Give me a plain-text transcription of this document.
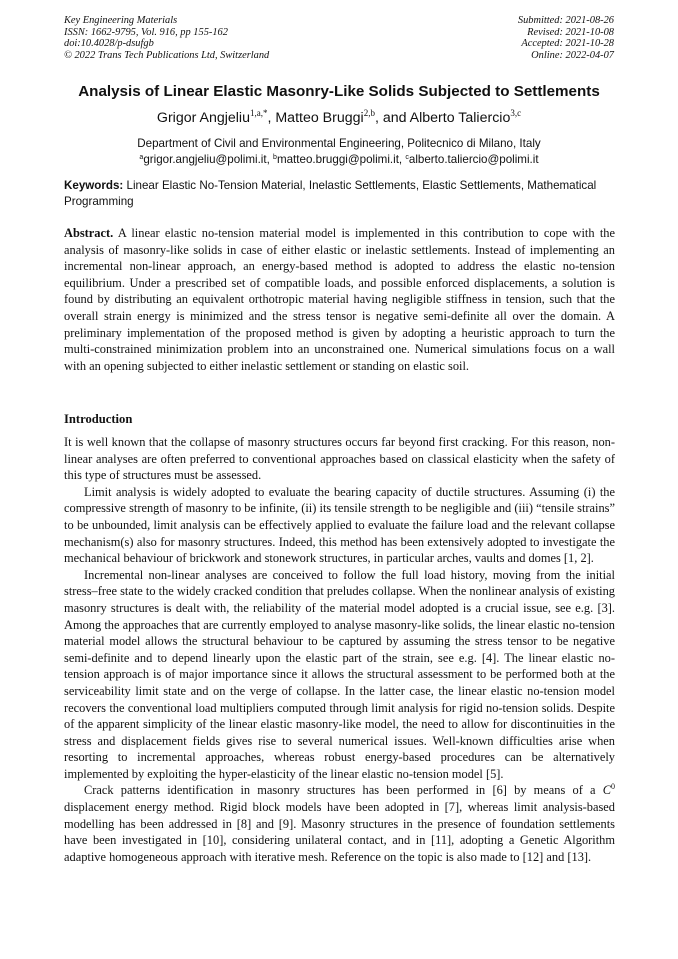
Key Engineering Materials
ISSN: 1662-9795, Vol. 916, pp 155-162
doi:10.4028/p-dsufgb
© 2022 Trans Tech Publications Ltd, Switzerland
Submitted: 2021-08-26
Revised: 2021-10-08
Accepted: 2021-10-28
Online: 2022-04-07
Analysis of Linear Elastic Masonry-Like Solids Subjected to Settlements
Grigor Angjeliu$^{1,a,*}$, Matteo Bruggi$^{2,b}$, and Alberto Taliercio$^{3,c}$
Department of Civil and Environmental Engineering, Politecnico di Milano, Italy
$^a$grigor.angjeliu@polimi.it, $^b$matteo.bruggi@polimi.it, $^c$alberto.taliercio@polimi.it
Keywords: Linear Elastic No-Tension Material, Inelastic Settlements, Elastic Settlements, Mathematical Programming
Abstract. A linear elastic no-tension material model is implemented in this contribution to cope with the analysis of masonry-like solids in case of either elastic or inelastic settlements. Instead of implementing an incremental non-linear approach, an energy-based method is adopted to address the elastic no-tension equilibrium. Under a prescribed set of compatible loads, and possible enforced displacements, a solution is found by distributing an equivalent orthotropic material having negligible stiffness in tension, such that the overall strain energy is minimized and the stress tensor is negative semi-definite all over the domain. A preliminary implementation of the proposed method is given by adopting a heuristic approach to turn the multi-constrained minimization problem into an unconstrained one. Numerical simulations focus on a wall with an opening subjected to either inelastic settlement or standing on elastic soil.
Introduction

It is well known that the collapse of masonry structures occurs far beyond first cracking. For this reason, non-linear analyses are often preferred to conventional approaches based on classical elasticity when the safety of this type of structures must be assessed.

Limit analysis is widely adopted to evaluate the bearing capacity of ductile structures. Assuming (i) the compressive strength of masonry to be infinite, (ii) its tensile strength to be negligible and (iii) “tensile strains” to be unbounded, limit analysis can be effectively applied to evaluate the failure load and the relevant collapse mechanism(s) also for masonry structures. Indeed, this method has been extensively adopted to investigate the mechanical behaviour of brickwork and stonework structures, in particular arches, vaults and domes [1, 2].

Incremental non-linear analyses are conceived to follow the full load history, moving from the initial stress–free state to the widely cracked condition that preludes collapse. When the nonlinear analysis of existing masonry structures is dealt with, the reliability of the material model adopted is a crucial issue, see e.g. [3]. Among the approaches that are currently employed to analyse masonry-like solids, the linear elastic no-tension material model allows the structural behaviour to be captured by assuming the stress tensor to be negative semi-definite and to depend linearly upon the elastic part of the strain, see e.g. [4]. The linear elastic no-tension approach is of major importance since it allows the structural assessment to be performed both at the serviceability limit state and on the verge of collapse. In the latter case, the linear elastic no-tension model recovers the conventional load multipliers computed through limit analysis for rigid no-tension solids. Despite of the apparent simplicity of the linear elastic masonry-like model, the need to allow for discontinuities in the stress and displacement fields gives rise to several numerical issues. Well-known difficulties arise when resorting to incremental approaches, whereas robust energy-based procedures can be alternatively implemented by exploiting the hyper-elasticity of the linear elastic no-tension model [5].

Crack patterns identification in masonry structures has been performed in [6] by means of a $C^0$ displacement energy method. Rigid block models have been adopted in [7], whereas limit analysis-based modelling has been addressed in [8] and [9]. Masonry structures in the presence of foundation settlements have been investigated in [10], considering unilateral contact, and in [11], adopting a Genetic Algorithm adaptive homogeneous approach with iterative mesh. Reference on the topic is also made to [12] and [13].
